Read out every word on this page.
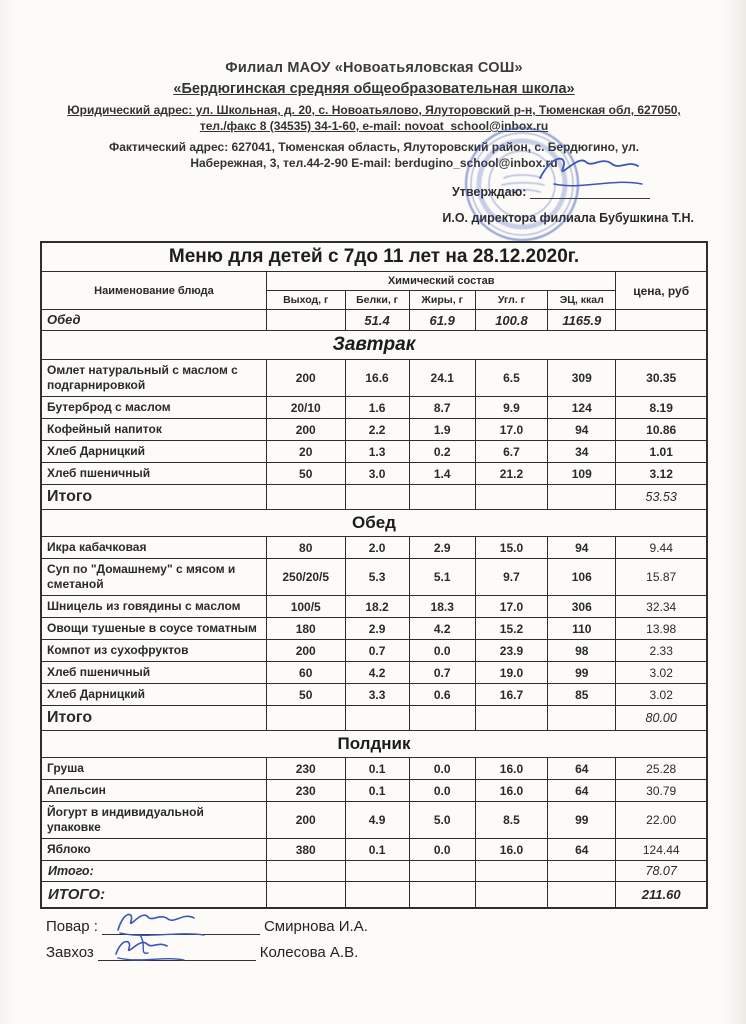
Филиал МАОУ «Новоатьяловская СОШ»
«Бердюгинская средняя общеобразовательная школа»
Юридический адрес: ул. Школьная, д. 20, с. Новоатьялово, Ялуторовский р-н, Тюменская обл, 627050,
тел./факс 8 (34535) 34-1-60, e-mail: novoat_school@inbox.ru
Фактический адрес: 627041, Тюменская область, Ялуторовский район, с. Бердюгино, ул.
Набережная, 3, тел.44-2-90 E-mail: berdugino_school@inbox.ru
Утверждаю:
И.О. директора филиала Бубушкина Т.Н.
Меню для детей с 7до 11 лет на 28.12.2020г.						
Наименование блюда	Химический состав					цена, руб
	Выход, г	Белки, г	Жиры, г	Угл. г	ЭЦ, ккал	
Обед		51.4	61.9	100.8	1165.9	
Завтрак						
Омлет натуральный с маслом с подгарнировкой	200	16.6	24.1	6.5	309	30.35
Бутерброд с маслом	20/10	1.6	8.7	9.9	124	8.19
Кофейный напиток	200	2.2	1.9	17.0	94	10.86
Хлеб Дарницкий	20	1.3	0.2	6.7	34	1.01
Хлеб пшеничный	50	3.0	1.4	21.2	109	3.12
Итого						53.53
Обед						
Икра кабачковая	80	2.0	2.9	15.0	94	9.44
Суп по "Домашнему" с мясом и сметаной	250/20/5	5.3	5.1	9.7	106	15.87
Шницель из говядины с маслом	100/5	18.2	18.3	17.0	306	32.34
Овощи тушеные в соусе томатным	180	2.9	4.2	15.2	110	13.98
Компот из сухофруктов	200	0.7	0.0	23.9	98	2.33
Хлеб пшеничный	60	4.2	0.7	19.0	99	3.02
Хлеб Дарницкий	50	3.3	0.6	16.7	85	3.02
Итого						80.00
Полдник						
Груша	230	0.1	0.0	16.0	64	25.28
Апельсин	230	0.1	0.0	16.0	64	30.79
Йогурт в индивидуальной упаковке	200	4.9	5.0	8.5	99	22.00
Яблоко	380	0.1	0.0	16.0	64	124.44
Итого:						78.07
ИТОГО:						211.60
Повар :	Смирнова И.А.
Завхоз	Колесова А.В.
